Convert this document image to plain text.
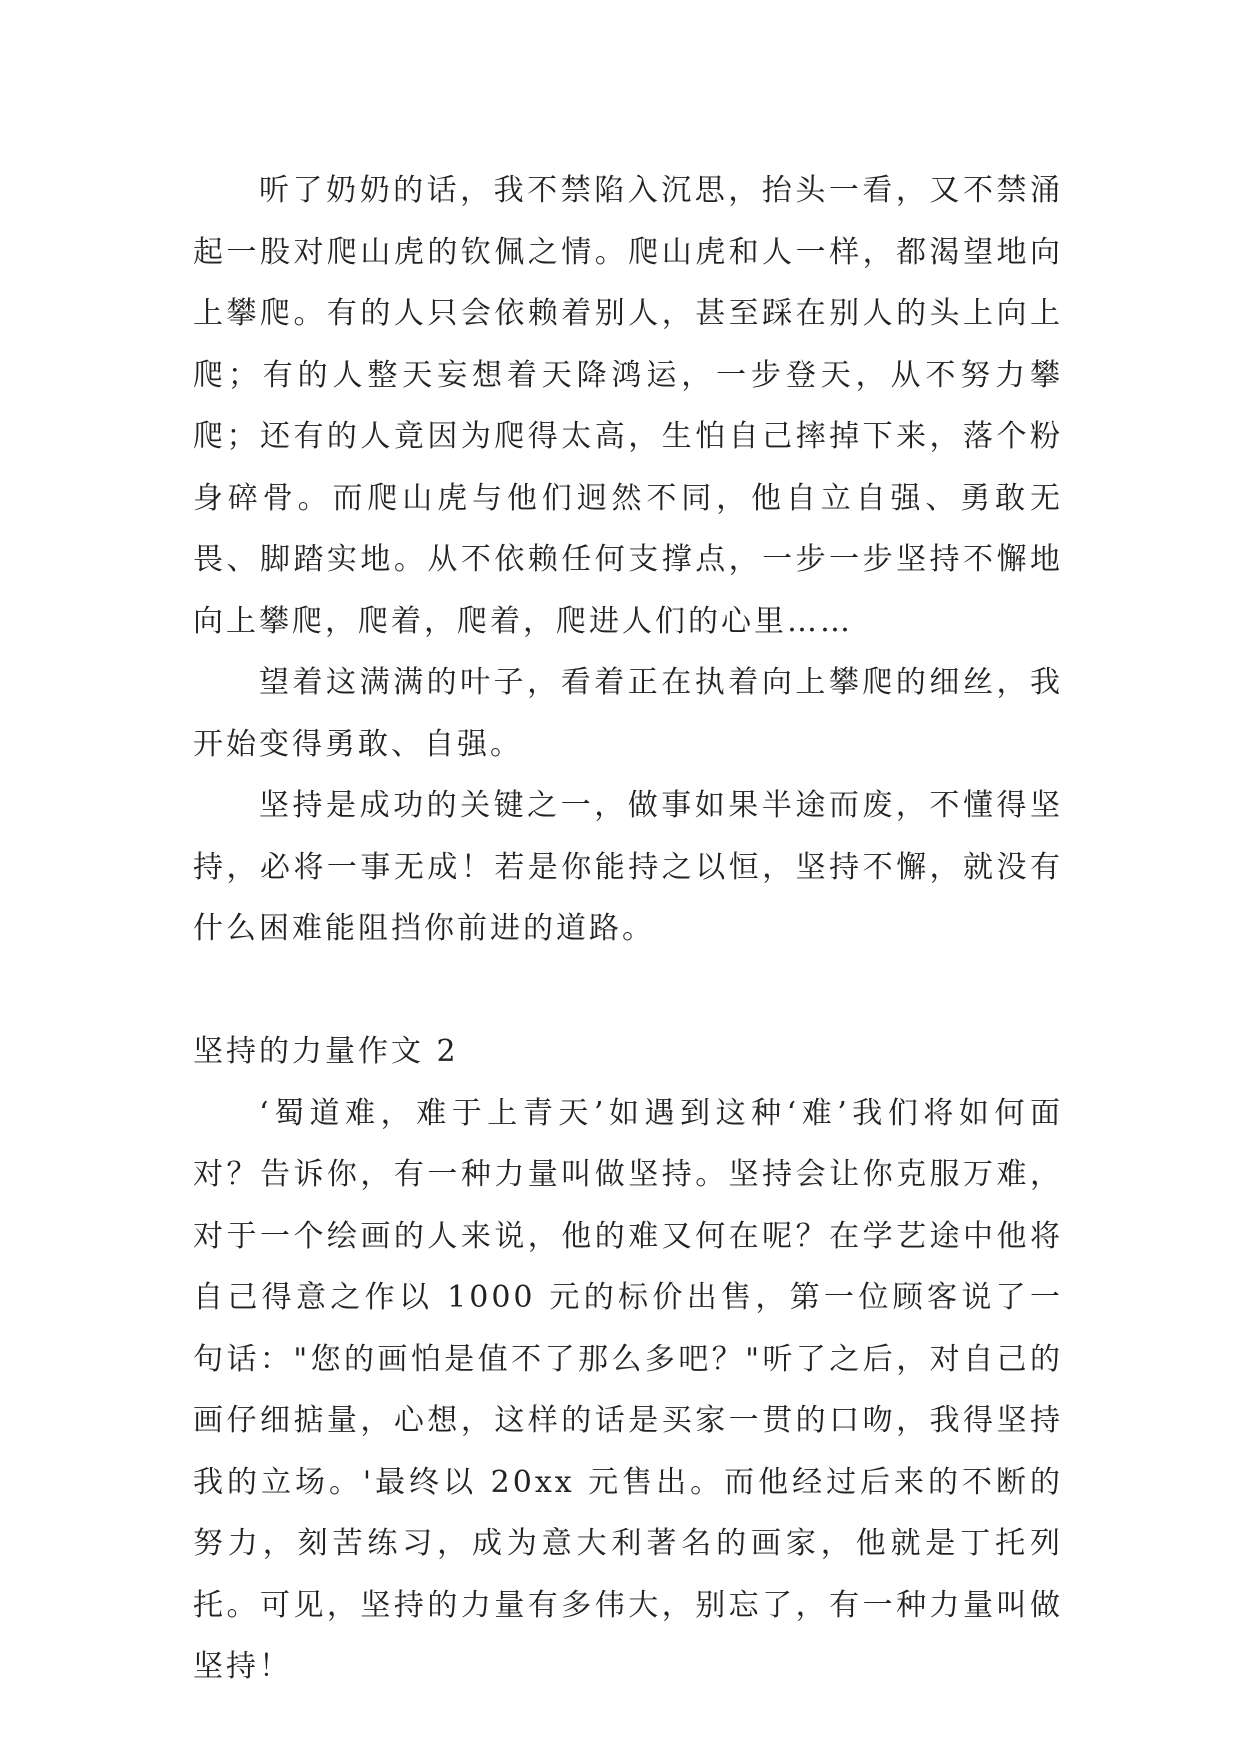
听了奶奶的话，我不禁陷入沉思，抬头一看，又不禁涌起一股对爬山虎的钦佩之情。爬山虎和人一样，都渴望地向上攀爬。有的人只会依赖着别人，甚至踩在别人的头上向上爬；有的人整天妄想着天降鸿运，一步登天，从不努力攀爬；还有的人竟因为爬得太高，生怕自己摔掉下来，落个粉身碎骨。而爬山虎与他们迥然不同，他自立自强、勇敢无畏、脚踏实地。从不依赖任何支撑点，一步一步坚持不懈地向上攀爬，爬着，爬着，爬进人们的心里……

望着这满满的叶子，看着正在执着向上攀爬的细丝，我开始变得勇敢、自强。

坚持是成功的关键之一，做事如果半途而废，不懂得坚持，必将一事无成！若是你能持之以恒，坚持不懈，就没有什么困难能阻挡你前进的道路。

坚持的力量作文 2

‘蜀道难，难于上青天’如遇到这种‘难’我们将如何面对？告诉你，有一种力量叫做坚持。坚持会让你克服万难，对于一个绘画的人来说，他的难又何在呢？在学艺途中他将自己得意之作以 1000 元的标价出售，第一位顾客说了一句话："您的画怕是值不了那么多吧？"听了之后，对自己的画仔细掂量，心想，这样的话是买家一贯的口吻，我得坚持我的立场。'最终以 20xx 元售出。而他经过后来的不断的努力，刻苦练习，成为意大利著名的画家，他就是丁托列托。可见，坚持的力量有多伟大，别忘了，有一种力量叫做坚持！
